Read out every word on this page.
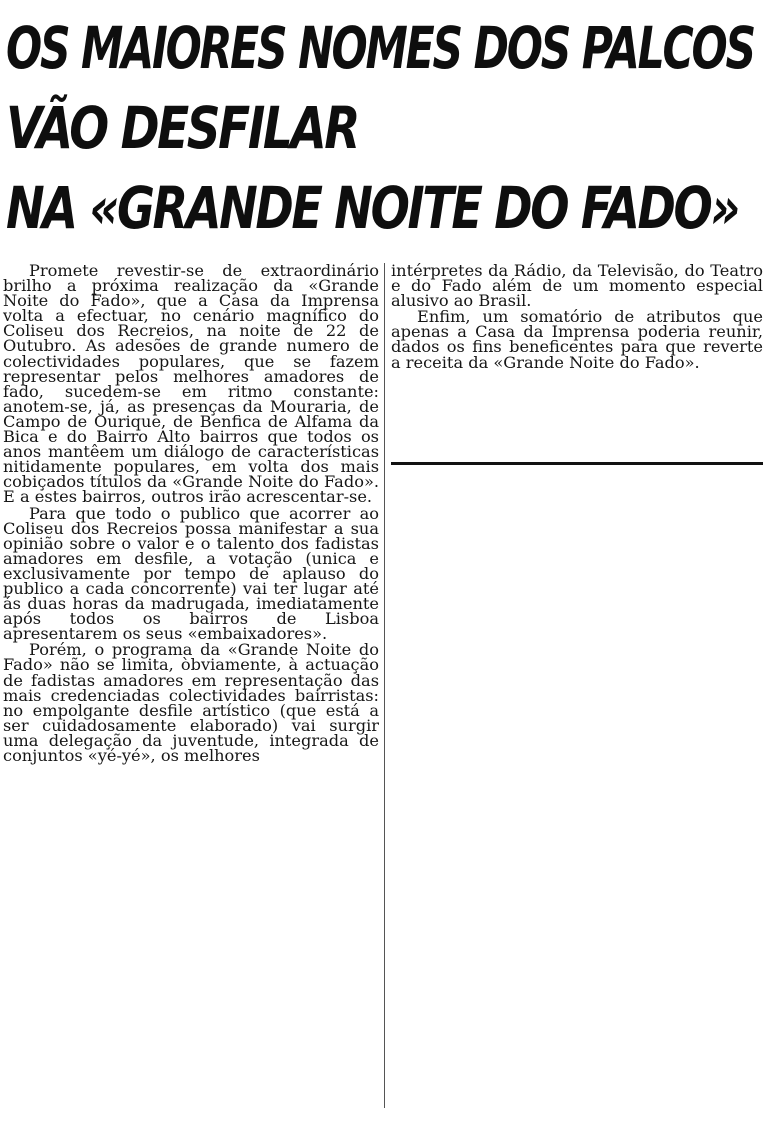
OS MAIORES NOMES DOS PALCOS
VÃO DESFILAR
NA «GRANDE NOITE DO FADO»

Promete revestir-se de extraordinário brilho a próxima realização da «Grande Noite do Fado», que a Casa da Imprensa volta a efectuar, no cenário magnífico do Coliseu dos Recreios, na noite de 22 de Outubro. As adesões de grande numero de colectividades populares, que se fazem representar pelos melhores amadores de fado, sucedem-se em ritmo constante: anotem-se, já, as presenças da Mouraria, de Campo de Ourique, de Benfica de Alfama da Bica e do Bairro Alto bairros que todos os anos mantêem um diálogo de características nitidamente populares, em volta dos mais cobiçados títulos da «Grande Noite do Fado». E a estes bairros, outros irão acrescentar-se.

Para que todo o publico que acorrer ao Coliseu dos Recreios possa manifestar a sua opinião sobre o valor e o talento dos fadistas amadores em desfile, a votação (unica e exclusivamente por tempo de aplauso do publico a cada concorrente) vai ter lugar até ás duas horas da madrugada, imediatamente após todos os bairros de Lisboa apresentarem os seus «embaixadores».

Porém, o programa da «Grande Noite do Fado» não se limita, òbviamente, à actuação de fadistas amadores em representação das mais credenciadas colectividades bairristas: no empolgante desfile artístico (que está a ser cuidadosamente elaborado) vai surgir uma delegação da juventude, integrada de conjuntos «yé-yé», os melhores

intérpretes da Rádio, da Televisão, do Teatro e do Fado além de um momento especial alusivo ao Brasil.

Enfim, um somatório de atributos que apenas a Casa da Imprensa poderia reunir, dados os fins beneficentes para que reverte a receita da «Grande Noite do Fado».
